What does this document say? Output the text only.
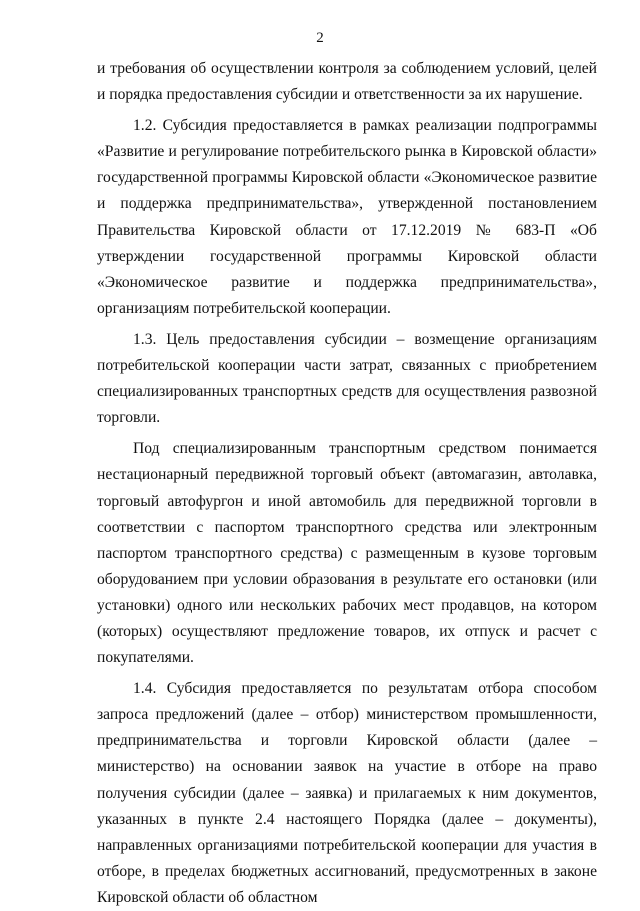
2

и требования об осуществлении контроля за соблюдением условий, целей и порядка предоставления субсидии и ответственности за их нарушение.

1.2. Субсидия предоставляется в рамках реализации подпрограммы «Развитие и регулирование потребительского рынка в Кировской области» государственной программы Кировской области «Экономическое развитие и поддержка предпринимательства», утвержденной постановлением Правительства Кировской области от 17.12.2019 № 683-П «Об утверждении государственной программы Кировской области «Экономическое развитие и поддержка предпринимательства», организациям потребительской кооперации.

1.3. Цель предоставления субсидии – возмещение организациям потребительской кооперации части затрат, связанных с приобретением специализированных транспортных средств для осуществления развозной торговли.

Под специализированным транспортным средством понимается нестационарный передвижной торговый объект (автомагазин, автолавка, торговый автофургон и иной автомобиль для передвижной торговли в соответствии с паспортом транспортного средства или электронным паспортом транспортного средства) с размещенным в кузове торговым оборудованием при условии образования в результате его остановки (или установки) одного или нескольких рабочих мест продавцов, на котором (которых) осуществляют предложение товаров, их отпуск и расчет с покупателями.

1.4. Субсидия предоставляется по результатам отбора способом запроса предложений (далее – отбор) министерством промышленности, предпринимательства и торговли Кировской области (далее – министерство) на основании заявок на участие в отборе на право получения субсидии (далее – заявка) и прилагаемых к ним документов, указанных в пункте 2.4 настоящего Порядка (далее – документы), направленных организациями потребительской кооперации для участия в отборе, в пределах бюджетных ассигнований, предусмотренных в законе Кировской области об областном
